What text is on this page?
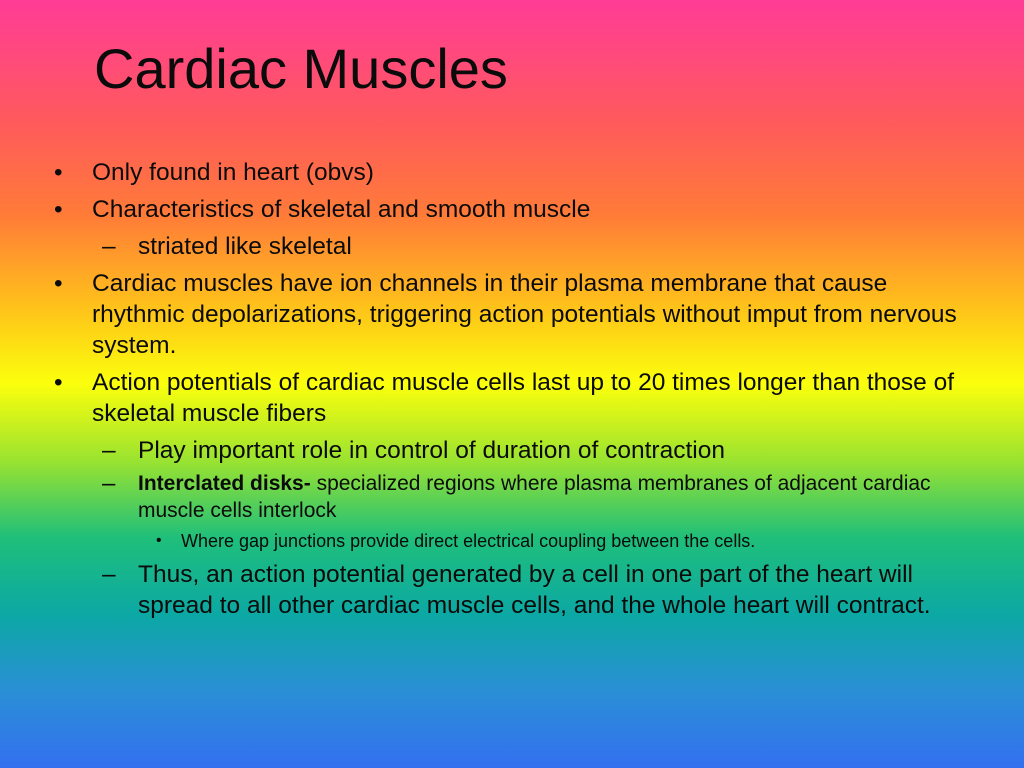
Cardiac Muscles
• Only found in heart (obvs)
• Characteristics of skeletal and smooth muscle
– striated like skeletal
• Cardiac muscles have ion channels in their plasma membrane that cause rhythmic depolarizations, triggering action potentials without imput from nervous system.
• Action potentials of cardiac muscle cells last up to 20 times longer than those of skeletal muscle fibers
– Play important role in control of duration of contraction
– Interclated disks- specialized regions where plasma membranes of adjacent cardiac muscle cells interlock
• Where gap junctions provide direct electrical coupling between the cells.
– Thus, an action potential generated by a cell in one part of the heart will spread to all other cardiac muscle cells, and the whole heart will contract.
